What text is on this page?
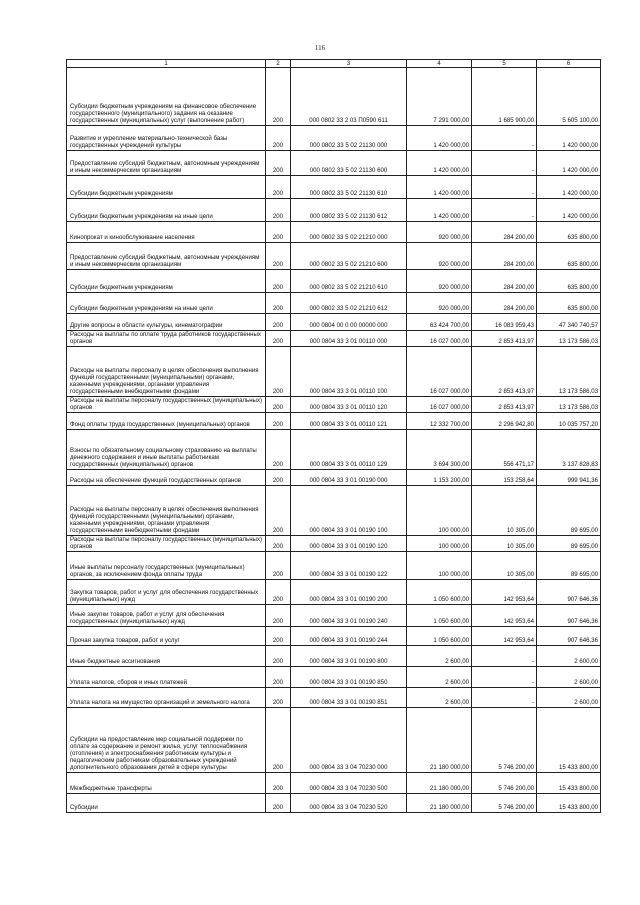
116
1	2	3	4	5	6
Субсидии бюджетным учреждениям на финансовое обеспечение государственного (муниципального) задания на оказание государственных (муниципальных) услуг (выполнение работ)	200	000 0802 33 2 03 П0590 611	7 291 000,00	1 685 900,00	5 605 100,00
Развитие и укрепление материально-технической базы государственных учреждений культуры	200	000 0802 33 5 02 21130 000	1 420 000,00	-	1 420 000,00
Предоставление субсидий бюджетным, автономным учреждениям и иным некоммерческим организациям	200	000 0802 33 5 02 21130 600	1 420 000,00	-	1 420 000,00
Субсидии бюджетным учреждениям	200	000 0802 33 5 02 21130 610	1 420 000,00	-	1 420 000,00
Субсидии бюджетным учреждениям на иные цели	200	000 0802 33 5 02 21130 612	1 420 000,00	-	1 420 000,00
Кинопрокат и кинообслуживание населения	200	000 0802 33 5 02 21210 000	920 000,00	284 200,00	635 800,00
Предоставление субсидий бюджетным, автономным учреждениям и иным некоммерческим организациям	200	000 0802 33 5 02 21210 600	920 000,00	284 200,00	635 800,00
Субсидии бюджетным учреждениям	200	000 0802 33 5 02 21210 610	920 000,00	284 200,00	635 800,00
Субсидии бюджетным учреждениям на иные цели	200	000 0802 33 5 02 21210 612	920 000,00	284 200,00	635 800,00
Другие вопросы в области культуры, кинематографии	200	000 0804 00 0 00 00000 000	63 424 700,00	16 083 959,43	47 340 740,57
Расходы на выплаты по оплате труда работников государственных органов	200	000 0804 33 3 01 00110 000	16 027 000,00	2 853 413,97	13 173 586,03
Расходы на выплаты персоналу в целях обеспечения выполнения функций государственными (муниципальными) органами, казенными учреждениями, органами управления государственными внебюджетными фондами	200	000 0804 33 3 01 00110 100	16 027 000,00	2 853 413,97	13 173 586,03
Расходы на выплаты персоналу государственных (муниципальных) органов	200	000 0804 33 3 01 00110 120	16 027 000,00	2 853 413,97	13 173 586,03
Фонд оплаты труда государственных (муниципальных) органов	200	000 0804 33 3 01 00110 121	12 332 700,00	2 296 942,80	10 035 757,20
Взносы по обязательному социальному страхованию на выплаты денежного содержания и иные выплаты работникам государственных (муниципальных) органов	200	000 0804 33 3 01 00110 129	3 694 300,00	556 471,17	3 137 828,83
Расходы на обеспечение функций государственных органов	200	000 0804 33 3 01 00190 000	1 153 200,00	153 258,64	999 941,36
Расходы на выплаты персоналу в целях обеспечения выполнения функций государственными (муниципальными) органами, казенными учреждениями, органами управления государственными внебюджетными фондами	200	000 0804 33 3 01 00190 100	100 000,00	10 305,00	89 695,00
Расходы на выплаты персоналу государственных (муниципальных) органов	200	000 0804 33 3 01 00190 120	100 000,00	10 305,00	89 695,00
Иные выплаты персоналу государственных (муниципальных) органов, за исключением фонда оплаты труда	200	000 0804 33 3 01 00190 122	100 000,00	10 305,00	89 695,00
Закупка товаров, работ и услуг для обеспечения государственных (муниципальных) нужд	200	000 0804 33 3 01 00190 200	1 050 600,00	142 953,64	907 646,36
Иные закупки товаров, работ и услуг для обеспечения государственных (муниципальных) нужд	200	000 0804 33 3 01 00190 240	1 050 600,00	142 953,64	907 646,36
Прочая закупка товаров, работ и услуг	200	000 0804 33 3 01 00190 244	1 050 600,00	142 953,64	907 646,36
Иные бюджетные ассигнования	200	000 0804 33 3 01 00190 800	2 600,00	-	2 600,00
Уплата налогов, сборов и иных платежей	200	000 0804 33 3 01 00190 850	2 600,00	-	2 600,00
Уплата налога на имущество организаций и земельного налога	200	000 0804 33 3 01 00190 851	2 600,00	-	2 600,00
Субсидии на предоставление мер социальной поддержки по оплате за содержание и ремонт жилья, услуг теплоснабжения (отопления) и электроснабжения работникам культуры и педагогическим работникам образовательных учреждений дополнительного образования детей в сфере культуры	200	000 0804 33 3 04 70230 000	21 180 000,00	5 746 200,00	15 433 800,00
Межбюджетные трансферты	200	000 0804 33 3 04 70230 500	21 180 000,00	5 746 200,00	15 433 800,00
Субсидии	200	000 0804 33 3 04 70230 520	21 180 000,00	5 746 200,00	15 433 800,00
